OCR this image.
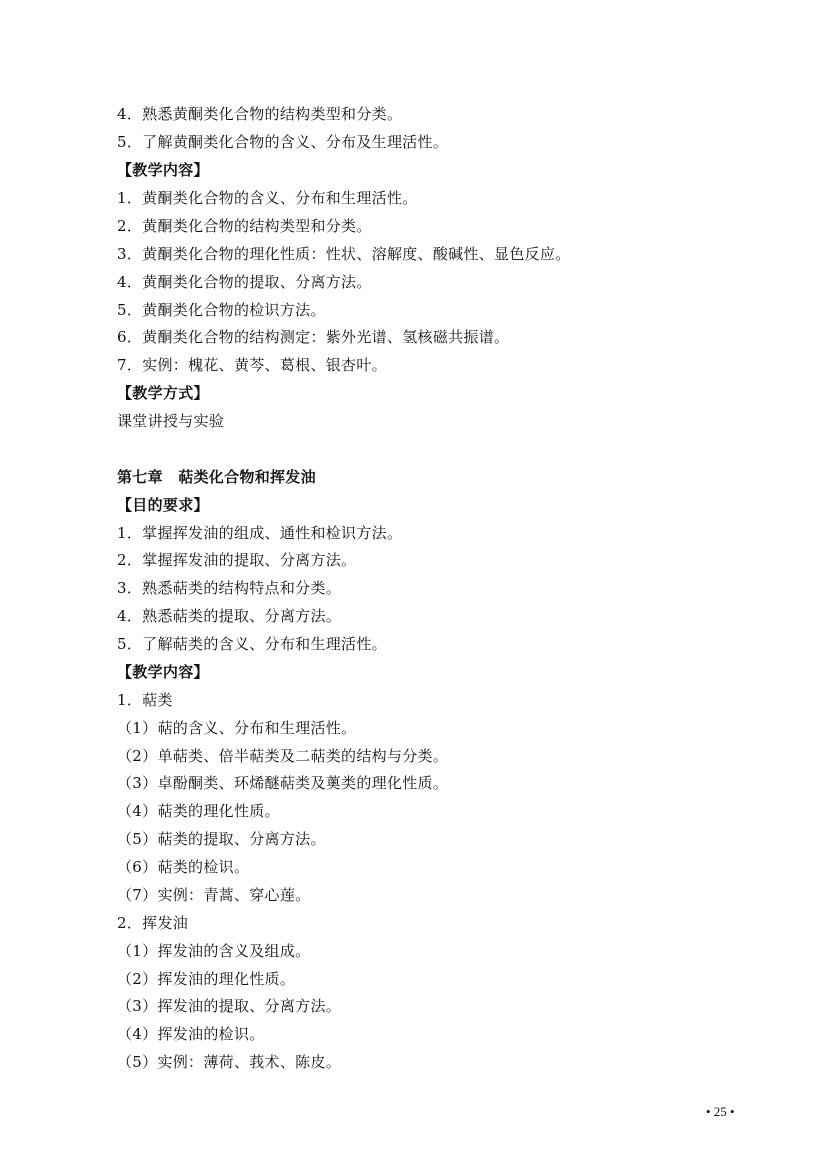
4．熟悉黄酮类化合物的结构类型和分类。
5．了解黄酮类化合物的含义、分布及生理活性。
【教学内容】
1．黄酮类化合物的含义、分布和生理活性。
2．黄酮类化合物的结构类型和分类。
3．黄酮类化合物的理化性质：性状、溶解度、酸碱性、显色反应。
4．黄酮类化合物的提取、分离方法。
5．黄酮类化合物的检识方法。
6．黄酮类化合物的结构测定：紫外光谱、氢核磁共振谱。
7．实例：槐花、黄芩、葛根、银杏叶。
【教学方式】
课堂讲授与实验
第七章　萜类化合物和挥发油
【目的要求】
1．掌握挥发油的组成、通性和检识方法。
2．掌握挥发油的提取、分离方法。
3．熟悉萜类的结构特点和分类。
4．熟悉萜类的提取、分离方法。
5．了解萜类的含义、分布和生理活性。
【教学内容】
1．萜类
（1）萜的含义、分布和生理活性。
（2）单萜类、倍半萜类及二萜类的结构与分类。
（3）卓酚酮类、环烯醚萜类及薁类的理化性质。
（4）萜类的理化性质。
（5）萜类的提取、分离方法。
（6）萜类的检识。
（7）实例：青蒿、穿心莲。
2．挥发油
（1）挥发油的含义及组成。
（2）挥发油的理化性质。
（3）挥发油的提取、分离方法。
（4）挥发油的检识。
（5）实例：薄荷、莪术、陈皮。
• 25 •
